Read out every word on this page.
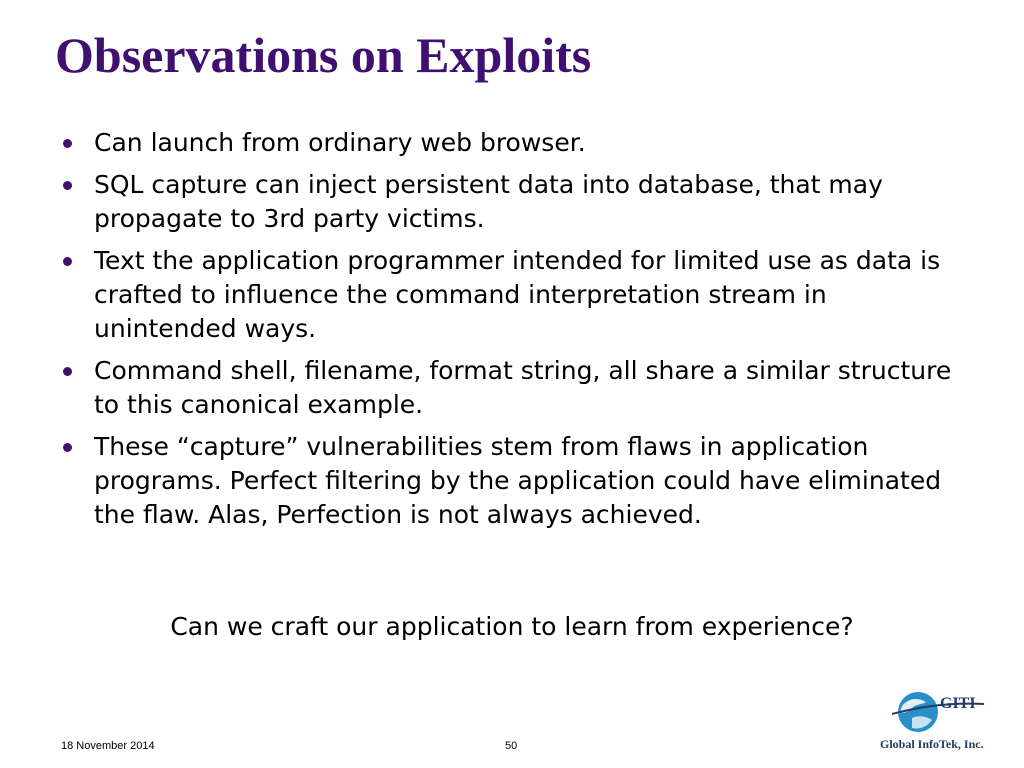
Observations on Exploits
Can launch from ordinary web browser.
SQL capture can inject persistent data into database, that may propagate to 3rd party victims.
Text the application programmer intended for limited use as data is crafted to influence the command interpretation stream in unintended ways.
Command shell, filename, format string, all share a similar structure to this canonical example.
These “capture” vulnerabilities stem from flaws in application programs. Perfect filtering by the application could have eliminated the flaw. Alas, Perfection is not always achieved.
Can we craft our application to learn from experience?
18 November 2014	50
GITI
Global InfoTek, Inc.
